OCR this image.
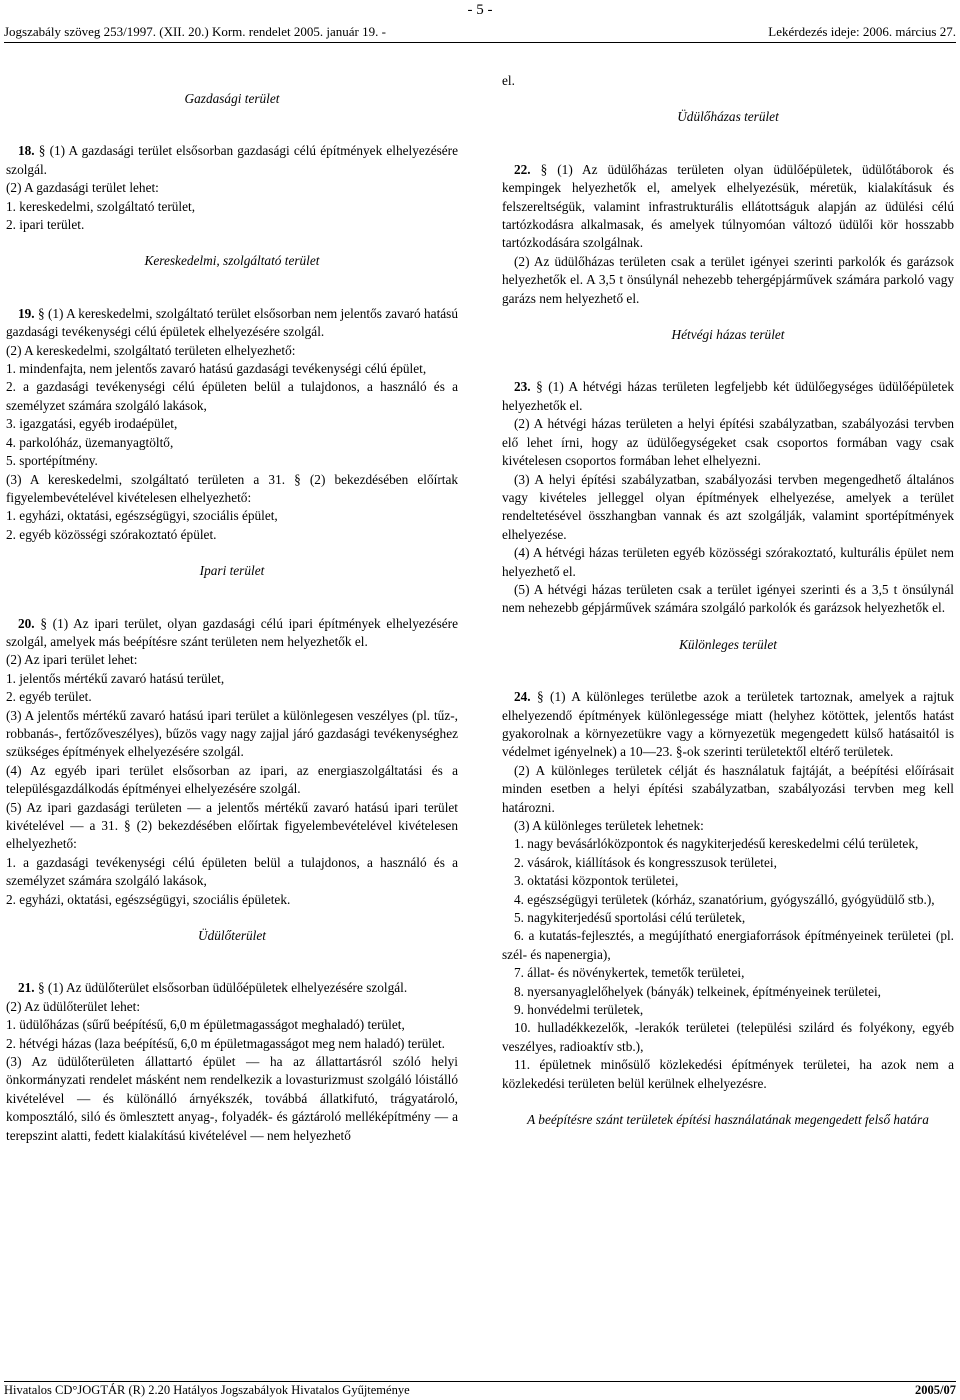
- 5 -
Jogszabály szöveg 253/1997. (XII. 20.) Korm. rendelet 2005. január 19. -	Lekérdezés ideje: 2006. március 27.

Gazdasági terület

18. § (1) A gazdasági terület elsősorban gazdasági célú építmények elhelyezésére szolgál.

(2) A gazdasági terület lehet:

1. kereskedelmi, szolgáltató terület,

2. ipari terület.

Kereskedelmi, szolgáltató terület

19. § (1) A kereskedelmi, szolgáltató terület elsősorban nem jelentős zavaró hatású gazdasági tevékenységi célú épületek elhelyezésére szolgál.

(2) A kereskedelmi, szolgáltató területen elhelyezhető:

1. mindenfajta, nem jelentős zavaró hatású gazdasági tevékenységi célú épület,

2. a gazdasági tevékenységi célú épületen belül a tulajdonos, a használó és a személyzet számára szolgáló lakások,

3. igazgatási, egyéb irodaépület,

4. parkolóház, üzemanyagtöltő,

5. sportépítmény.

(3) A kereskedelmi, szolgáltató területen a 31. § (2) bekezdésében előírtak figyelembevételével kivételesen elhelyezhető:

1. egyházi, oktatási, egészségügyi, szociális épület,

2. egyéb közösségi szórakoztató épület.

Ipari terület

20. § (1) Az ipari terület, olyan gazdasági célú ipari építmények elhelyezésére szolgál, amelyek más beépítésre szánt területen nem helyezhetők el.

(2) Az ipari terület lehet:

1. jelentős mértékű zavaró hatású terület,

2. egyéb terület.

(3) A jelentős mértékű zavaró hatású ipari terület a különlegesen veszélyes (pl. tűz-, robbanás-, fertőzőveszélyes), bűzös vagy nagy zajjal járó gazdasági tevékenységhez szükséges építmények elhelyezésére szolgál.

(4) Az egyéb ipari terület elsősorban az ipari, az energiaszolgáltatási és a településgazdálkodás építményei elhelyezésére szolgál.

(5) Az ipari gazdasági területen — a jelentős mértékű zavaró hatású ipari terület kivételével — a 31. § (2) bekezdésében előírtak figyelembevételével kivételesen elhelyezhető:

1. a gazdasági tevékenységi célú épületen belül a tulajdonos, a használó és a személyzet számára szolgáló lakások,

2. egyházi, oktatási, egészségügyi, szociális épületek.

Üdülőterület

21. § (1) Az üdülőterület elsősorban üdülőépületek elhelyezésére szolgál.

(2) Az üdülőterület lehet:

1. üdülőházas (sűrű beépítésű, 6,0 m épületmagasságot meghaladó) terület,

2. hétvégi házas (laza beépítésű, 6,0 m épületmagasságot meg nem haladó) terület.

(3) Az üdülőterületen állattartó épület — ha az állattartásról szóló helyi önkormányzati rendelet másként nem rendelkezik a lovasturizmust szolgáló lóistálló kivételével — és különálló árnyékszék, továbbá állatkifutó, trágyatároló, komposztáló, siló és ömlesztett anyag-, folyadék- és gáztároló melléképítmény — a terepszint alatti, fedett kialakítású kivételével — nem helyezhető

el.

Üdülőházas terület

22. § (1) Az üdülőházas területen olyan üdülőépületek, üdülőtáborok és kempingek helyezhetők el, amelyek elhelyezésük, méretük, kialakításuk és felszereltségük, valamint infrastrukturális ellátottságuk alapján az üdülési célú tartózkodásra alkalmasak, és amelyek túlnyomóan változó üdülői kör hosszabb tartózkodására szolgálnak.

(2) Az üdülőházas területen csak a terület igényei szerinti parkolók és garázsok helyezhetők el. A 3,5 t önsúlynál nehezebb tehergépjárművek számára parkoló vagy garázs nem helyezhető el.

Hétvégi házas terület

23. § (1) A hétvégi házas területen legfeljebb két üdülőegységes üdülőépületek helyezhetők el.

(2) A hétvégi házas területen a helyi építési szabályzatban, szabályozási tervben elő lehet írni, hogy az üdülőegységeket csak csoportos formában vagy csak kivételesen csoportos formában lehet elhelyezni.

(3) A helyi építési szabályzatban, szabályozási tervben megengedhető általános vagy kivételes jelleggel olyan építmények elhelyezése, amelyek a terület rendeltetésével összhangban vannak és azt szolgálják, valamint sportépítmények elhelyezése.

(4) A hétvégi házas területen egyéb közösségi szórakoztató, kulturális épület nem helyezhető el.

(5) A hétvégi házas területen csak a terület igényei szerinti és a 3,5 t önsúlynál nem nehezebb gépjárművek számára szolgáló parkolók és garázsok helyezhetők el.

Különleges terület

24. § (1) A különleges területbe azok a területek tartoznak, amelyek a rajtuk elhelyezendő építmények különlegessége miatt (helyhez kötöttek, jelentős hatást gyakorolnak a környezetükre vagy a környezetük megengedett külső hatásaitól is védelmet igényelnek) a 10—23. §-ok szerinti területektől eltérő területek.

(2) A különleges területek célját és használatuk fajtáját, a beépítési előírásait minden esetben a helyi építési szabályzatban, szabályozási tervben meg kell határozni.

(3) A különleges területek lehetnek:

1. nagy bevásárlóközpontok és nagykiterjedésű kereskedelmi célú területek,

2. vásárok, kiállítások és kongresszusok területei,

3. oktatási központok területei,

4. egészségügyi területek (kórház, szanatórium, gyógyszálló, gyógyüdülő stb.),

5. nagykiterjedésű sportolási célú területek,

6. a kutatás-fejlesztés, a megújítható energiaforrások építményeinek területei (pl. szél- és napenergia),

7. állat- és növénykertek, temetők területei,

8. nyersanyaglelőhelyek (bányák) telkeinek, építményeinek területei,

9. honvédelmi területek,

10. hulladékkezelők, -lerakók területei (települési szilárd és folyékony, egyéb veszélyes, radioaktív stb.),

11. épületnek minősülő közlekedési építmények területei, ha azok nem a közlekedési területen belül kerülnek elhelyezésre.

A beépítésre szánt területek építési használatának megengedett felső határa

Hivatalos CD°JOGTÁR (R) 2.20 Hatályos Jogszabályok Hivatalos Gyűjteménye	2005/07
